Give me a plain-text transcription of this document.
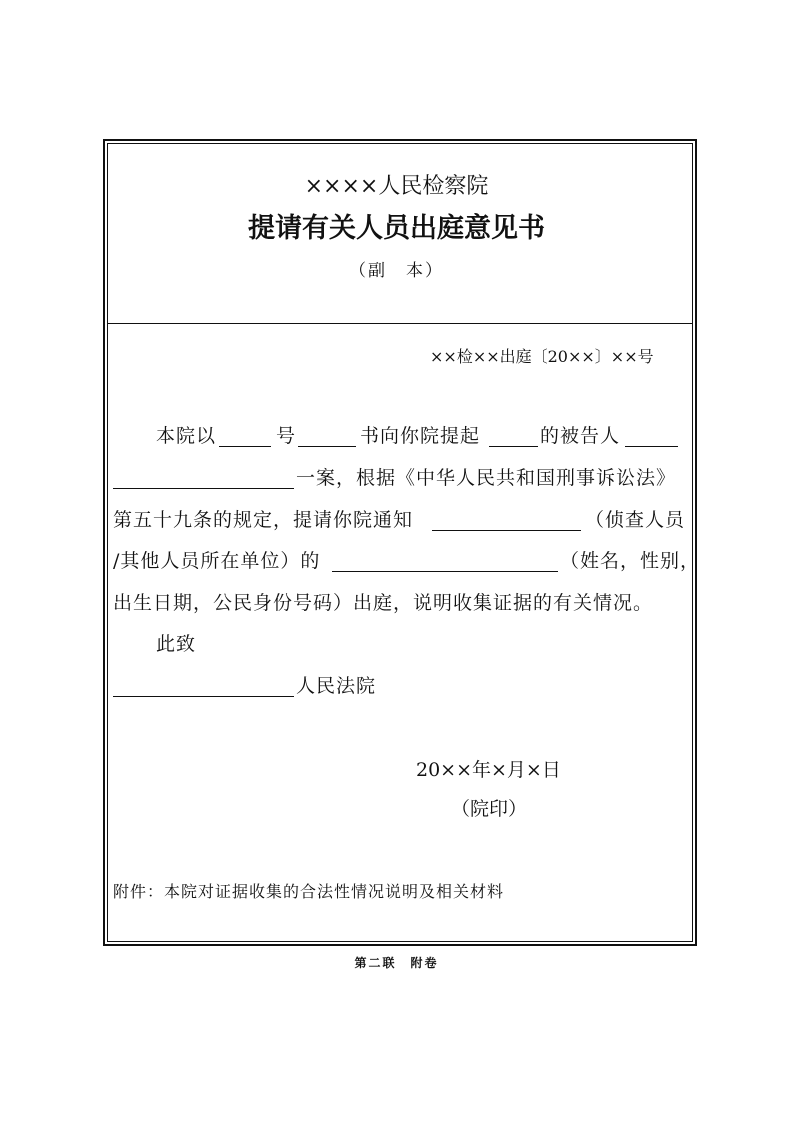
××××人民检察院
提请有关人员出庭意见书
（副　本）
××检××出庭〔20××〕××号
本院以	号	书向你院提起	的被告人
一案，根据《中华人民共和国刑事诉讼法》
第五十九条的规定，提请你院通知	（侦查人员
/其他人员所在单位）的	（姓名，性别，
出生日期，公民身份号码）出庭，说明收集证据的有关情况。
此致
人民法院
20××年×月×日
（院印）
附件：本院对证据收集的合法性情况说明及相关材料
第二联　附卷
